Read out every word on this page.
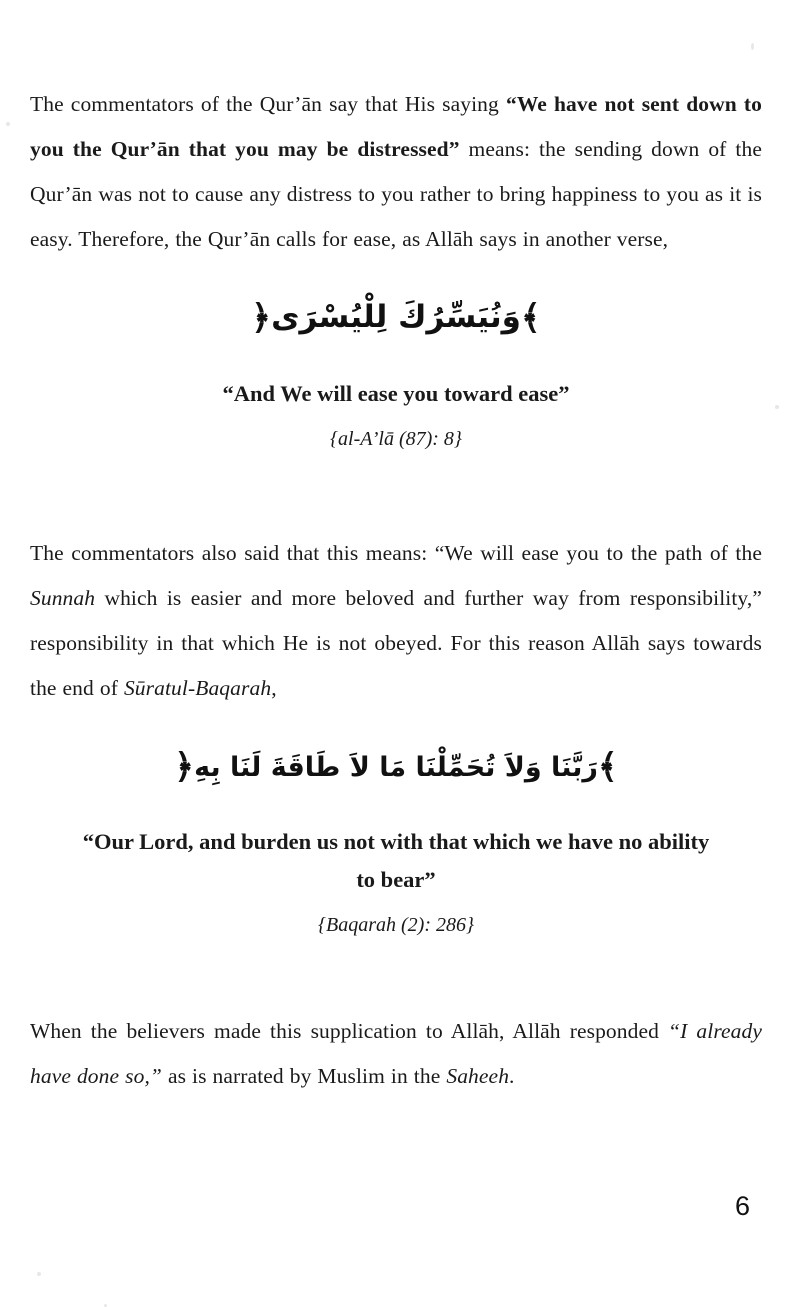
The commentators of the Qur’ān say that His saying “We have not sent down to you the Qur’ān that you may be distressed” means: the sending down of the Qur’ān was not to cause any distress to you rather to bring happiness to you as it is easy. Therefore, the Qur’ān calls for ease, as Allāh says in another verse,

﴾وَنُيَسِّرُكَ لِلْيُسْرَى﴿

“And We will ease you toward ease”

{al-A’lā (87): 8}

The commentators also said that this means: “We will ease you to the path of the Sunnah which is easier and more beloved and further way from responsibility,” responsibility in that which He is not obeyed. For this reason Allāh says towards the end of Sūratul-Baqarah,

﴾رَبَّنَا وَلاَ تُحَمِّلْنَا مَا لاَ طَاقَةَ لَنَا بِهِ﴿

“Our Lord, and burden us not with that which we have no ability

to bear”

{Baqarah (2): 286}

When the believers made this supplication to Allāh, Allāh responded “I already have done so,” as is narrated by Muslim in the Saheeh.

6
